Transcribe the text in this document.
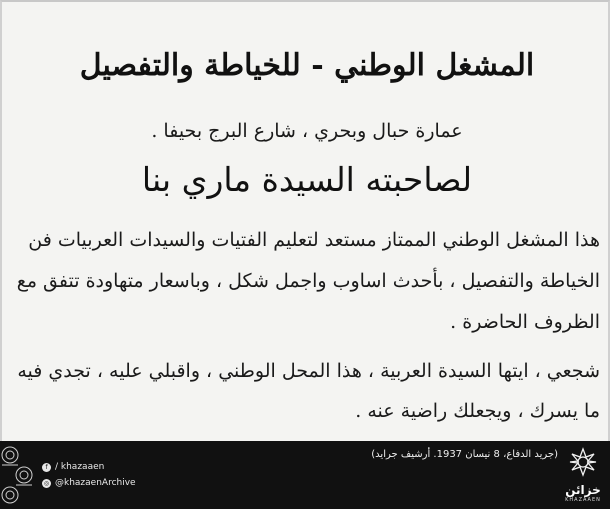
المشغل الوطني - للخياطة والتفصيل
عمارة حبال وبحري ، شارع البرج بحيفا .
لصاحبته السيدة ماري بنا
هذا المشغل الوطني الممتاز مستعد لتعليم الفتيات والسيدات العربيات فن
الخياطة والتفصيل ، بأحدث اساوب واجمل شكل ، وباسعار متهاودة تتفق مع
الظروف الحاضرة .
شجعي ، ايتها السيدة العربية ، هذا المحل الوطني ، واقبلي عليه ، تجدي فيه
ما يسرك ، ويجعلك راضية عنه .
f / khazaaen
◎ @khazaenArchive
(جريد الدفاع، 8 نيسان 1937. أرشيف جرايد)
خزائن
KHAZAAEN
